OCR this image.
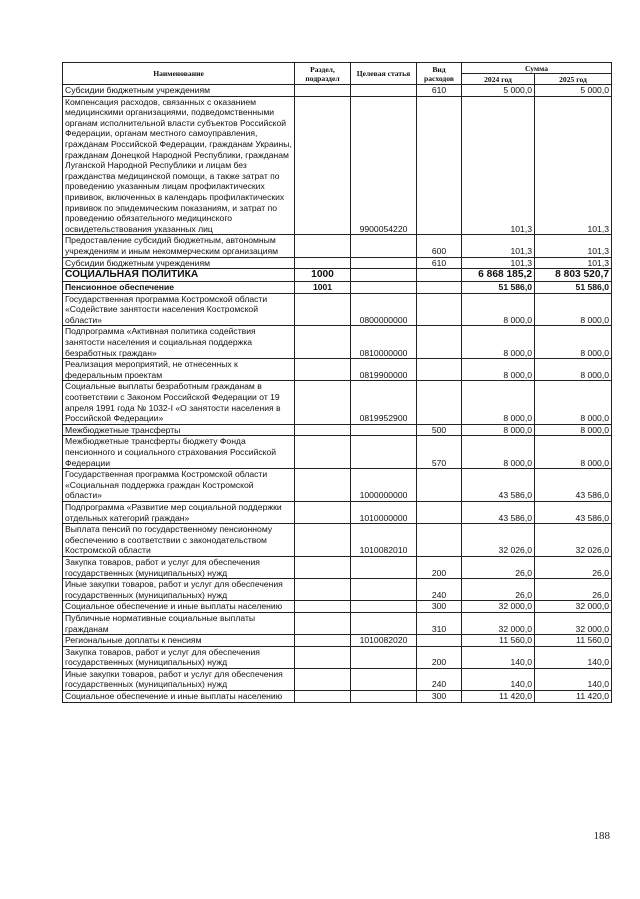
Наименование	Раздел, подраздел	Целевая статья	Вид расходов	Сумма	
				2024 год	2025 год
Субсидии бюджетным учреждениям			610	5 000,0	5 000,0
Компенсация расходов, связанных с оказанием медицинскими организациями, подведомственными органам исполнительной власти субъектов Российской Федерации, органам местного самоуправления, гражданам Российской Федерации, гражданам Украины, гражданам Донецкой Народной Республики, гражданам Луганской Народной Республики и лицам без гражданства медицинской помощи, а также затрат по проведению указанным лицам профилактических прививок, включенных в календарь профилактических прививок по эпидемическим показаниям, и затрат по проведению обязательного медицинского освидетельствования указанных лиц		9900054220		101,3	101,3
Предоставление субсидий бюджетным, автономным учреждениям и иным некоммерческим организациям			600	101,3	101,3
Субсидии бюджетным учреждениям			610	101,3	101,3
СОЦИАЛЬНАЯ ПОЛИТИКА	1000			6 868 185,2	8 803 520,7
Пенсионное обеспечение	1001			51 586,0	51 586,0
Государственная программа Костромской области «Содействие занятости населения Костромской области»		0800000000		8 000,0	8 000,0
Подпрограмма «Активная политика содействия занятости населения и социальная поддержка безработных граждан»		0810000000		8 000,0	8 000,0
Реализация мероприятий, не отнесенных к федеральным проектам		0819900000		8 000,0	8 000,0
Социальные выплаты безработным гражданам в соответствии с Законом Российской Федерации от 19 апреля 1991 года № 1032-I «О занятости населения в Российской Федерации»		0819952900		8 000,0	8 000,0
Межбюджетные трансферты			500	8 000,0	8 000,0
Межбюджетные трансферты бюджету Фонда пенсионного и социального страхования Российской Федерации			570	8 000,0	8 000,0
Государственная программа Костромской области «Социальная поддержка граждан Костромской области»		1000000000		43 586,0	43 586,0
Подпрограмма «Развитие мер социальной поддержки отдельных категорий граждан»		1010000000		43 586,0	43 586,0
Выплата пенсий по государственному пенсионному обеспечению в соответствии с законодательством Костромской области		1010082010		32 026,0	32 026,0
Закупка товаров, работ и услуг для обеспечения государственных (муниципальных) нужд			200	26,0	26,0
Иные закупки товаров, работ и услуг для обеспечения государственных (муниципальных) нужд			240	26,0	26,0
Социальное обеспечение и иные выплаты населению			300	32 000,0	32 000,0
Публичные нормативные социальные выплаты гражданам			310	32 000,0	32 000,0
Региональные доплаты к пенсиям		1010082020		11 560,0	11 560,0
Закупка товаров, работ и услуг для обеспечения государственных (муниципальных) нужд			200	140,0	140,0
Иные закупки товаров, работ и услуг для обеспечения государственных (муниципальных) нужд			240	140,0	140,0
Социальное обеспечение и иные выплаты населению			300	11 420,0	11 420,0
188
